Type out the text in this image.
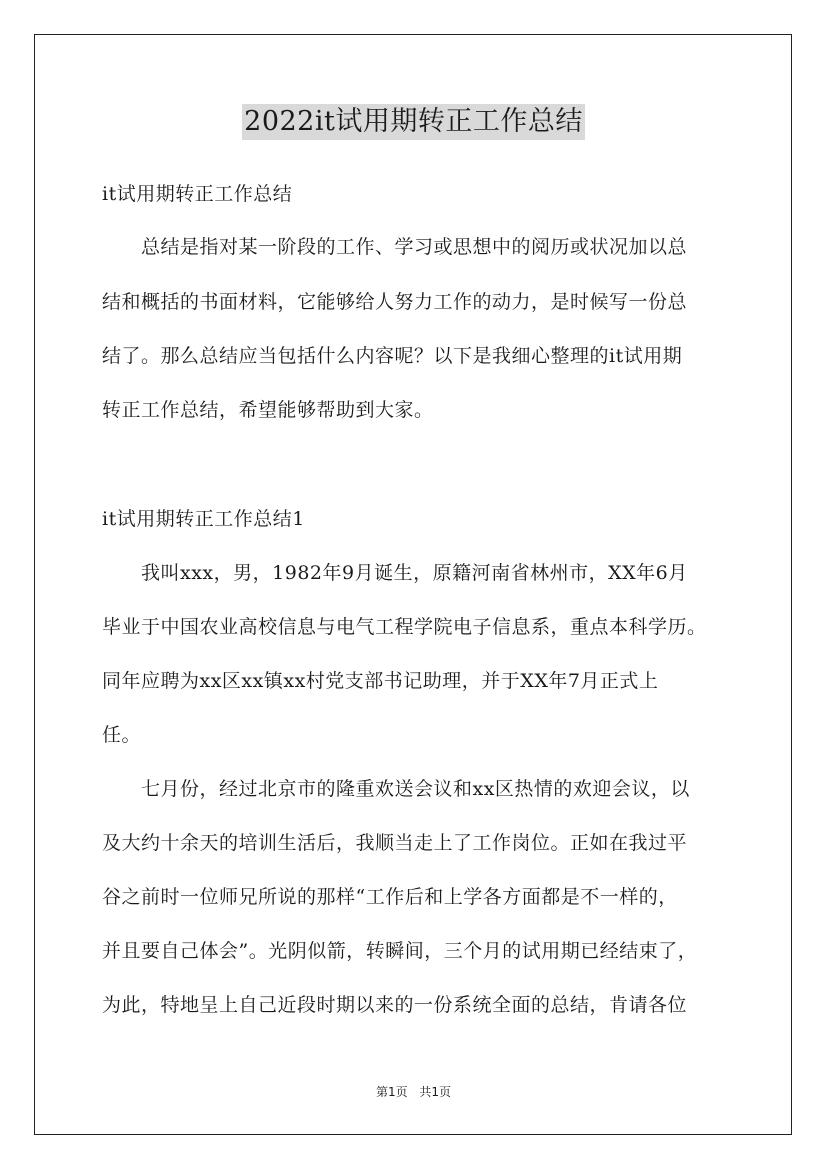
2022it试用期转正工作总结
it试用期转正工作总结
　　总结是指对某一阶段的工作、学习或思想中的阅历或状况加以总
结和概括的书面材料，它能够给人努力工作的动力，是时候写一份总
结了。那么总结应当包括什么内容呢？以下是我细心整理的it试用期
转正工作总结，希望能够帮助到大家。
it试用期转正工作总结1
　　我叫xxx，男，1982年9月诞生，原籍河南省林州市，XX年6月
毕业于中国农业高校信息与电气工程学院电子信息系，重点本科学历。
同年应聘为xx区xx镇xx村党支部书记助理，并于XX年7月正式上
任。
　　七月份，经过北京市的隆重欢送会议和xx区热情的欢迎会议，以
及大约十余天的培训生活后，我顺当走上了工作岗位。正如在我过平
谷之前时一位师兄所说的那样“工作后和上学各方面都是不一样的，
并且要自己体会”。光阴似箭，转瞬间，三个月的试用期已经结束了，
为此，特地呈上自己近段时期以来的一份系统全面的总结，肯请各位
第1页 共1页
